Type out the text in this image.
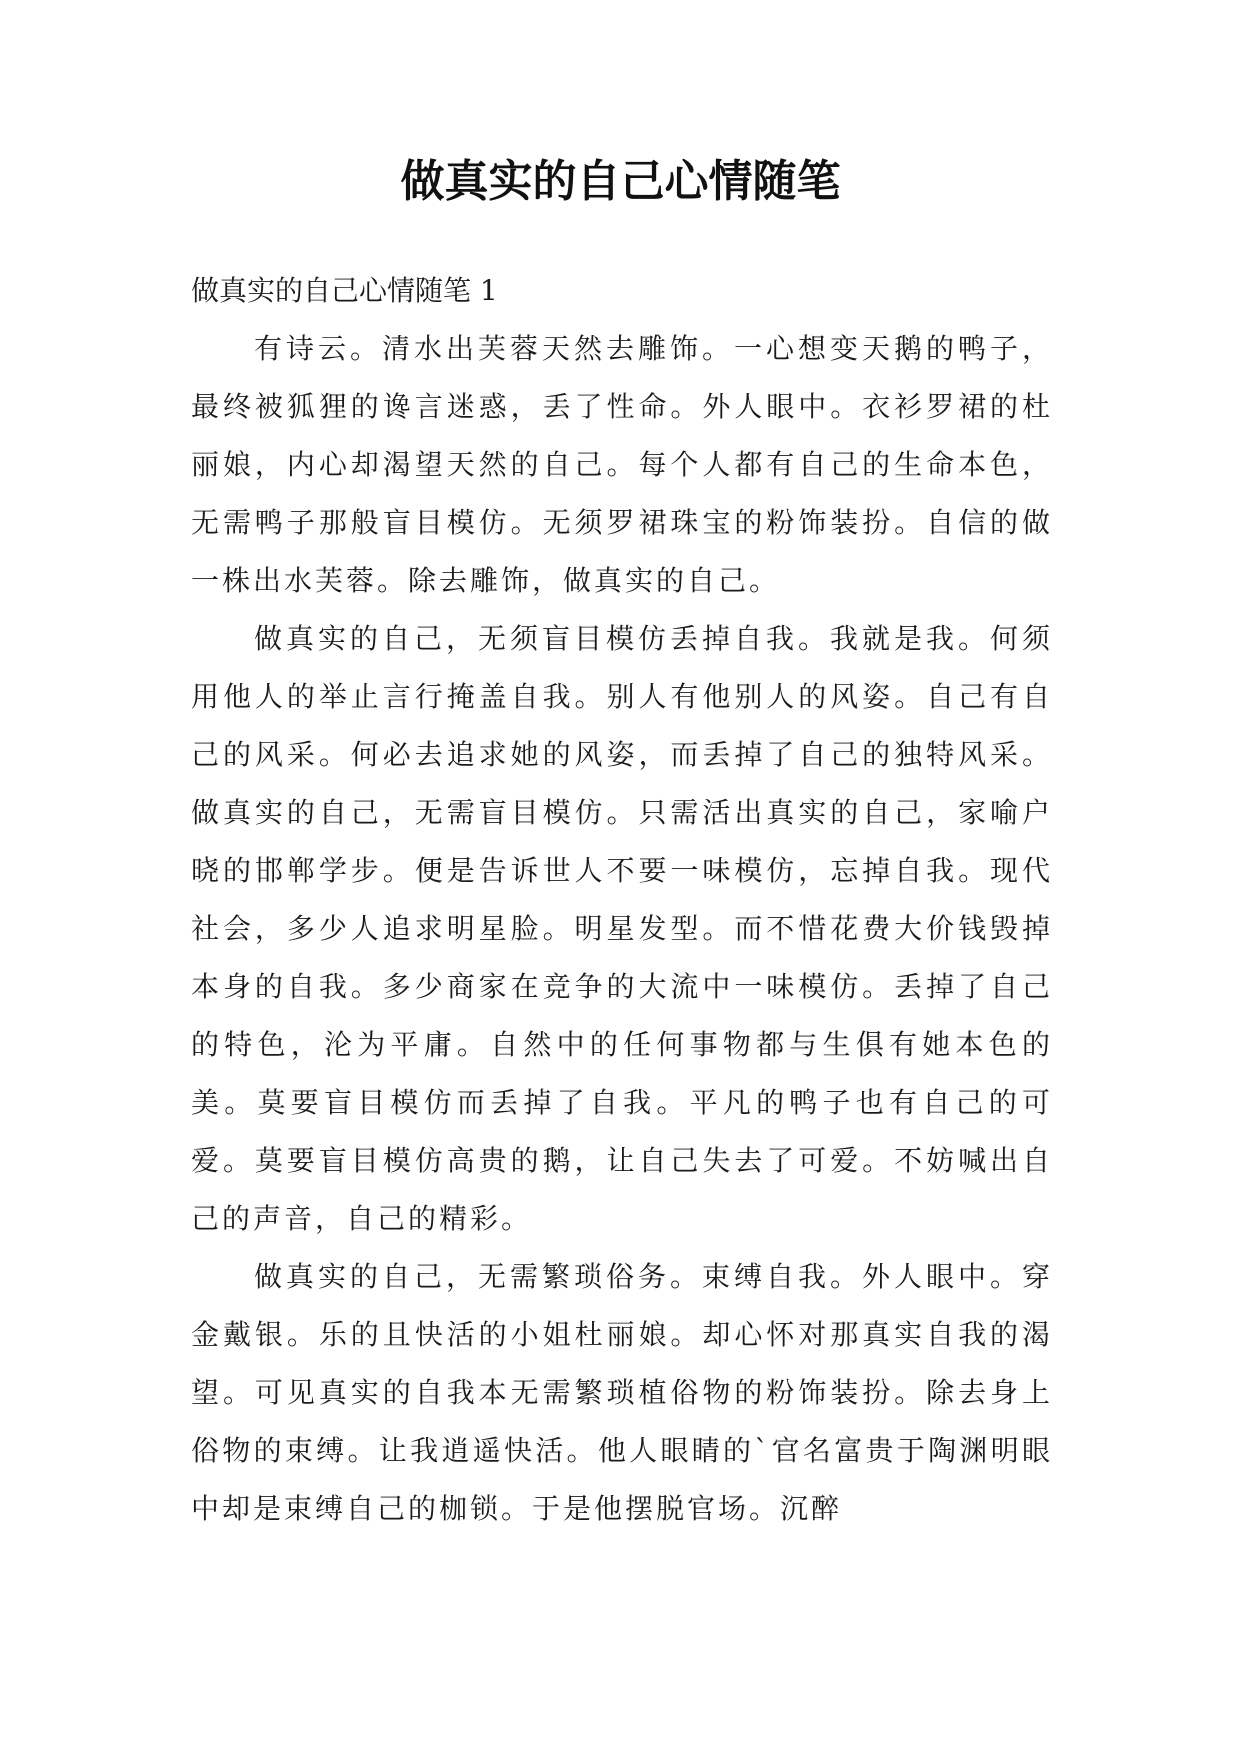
做真实的自己心情随笔

做真实的自己心情随笔 1

有诗云。清水出芙蓉天然去雕饰。一心想变天鹅的鸭子，最终被狐狸的谗言迷惑，丢了性命。外人眼中。衣衫罗裙的杜丽娘，内心却渴望天然的自己。每个人都有自己的生命本色，无需鸭子那般盲目模仿。无须罗裙珠宝的粉饰装扮。自信的做一株出水芙蓉。除去雕饰，做真实的自己。

做真实的自己，无须盲目模仿丢掉自我。我就是我。何须用他人的举止言行掩盖自我。别人有他别人的风姿。自己有自己的风采。何必去追求她的风姿，而丢掉了自己的独特风采。做真实的自己，无需盲目模仿。只需活出真实的自己，家喻户晓的邯郸学步。便是告诉世人不要一味模仿，忘掉自我。现代社会，多少人追求明星脸。明星发型。而不惜花费大价钱毁掉本身的自我。多少商家在竞争的大流中一味模仿。丢掉了自己的特色，沦为平庸。自然中的任何事物都与生俱有她本色的美。莫要盲目模仿而丢掉了自我。平凡的鸭子也有自己的可爱。莫要盲目模仿高贵的鹅，让自己失去了可爱。不妨喊出自己的声音，自己的精彩。

做真实的自己，无需繁琐俗务。束缚自我。外人眼中。穿金戴银。乐的且快活的小姐杜丽娘。却心怀对那真实自我的渴望。可见真实的自我本无需繁琐植俗物的粉饰装扮。除去身上俗物的束缚。让我逍遥快活。他人眼睛的`官名富贵于陶渊明眼中却是束缚自己的枷锁。于是他摆脱官场。沉醉
